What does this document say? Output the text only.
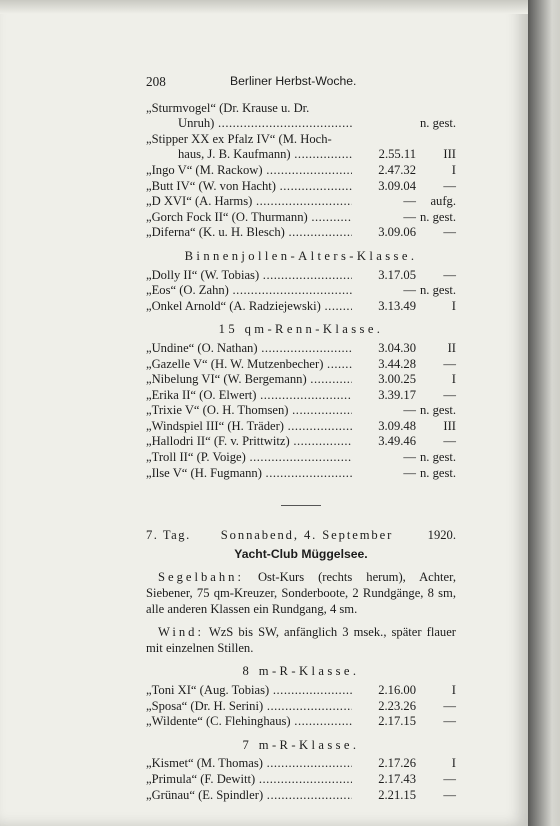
208	Berliner Herbst-Woche.
„Sturmvogel“ (Dr. Krause u. Dr.
Unruh) .....	n. gest.
„Stipper XX ex Pfalz IV“ (M. Hoch-
haus, J. B. Kaufmann) .....	2.55.11	III
„Ingo V“ (M. Rackow) .....	2.47.32	I
„Butt IV“ (W. von Hacht) .....	3.09.04	—
„D XVI“ (A. Harms) .....	—	aufg.
„Gorch Fock II“ (O. Thurmann) .....	— n. gest.
„Diferna“ (K. u. H. Blesch) .....	3.09.06	—
Binnenjollen-Alters-Klasse.
„Dolly II“ (W. Tobias) .....	3.17.05	—
„Eos“ (O. Zahn) .....	— n. gest.
„Onkel Arnold“ (A. Radziejewski) .....	3.13.49	I
15 qm-Renn-Klasse.
„Undine“ (O. Nathan) .....	3.04.30	II
„Gazelle V“ (H. W. Mutzenbecher) .....	3.44.28	—
„Nibelung VI“ (W. Bergemann) .....	3.00.25	I
„Erika II“ (O. Elwert) .....	3.39.17	—
„Trixie V“ (O. H. Thomsen) .....	— n. gest.
„Windspiel III“ (H. Träder) .....	3.09.48	III
„Hallodri II“ (F. v. Prittwitz) .....	3.49.46	—
„Troll II“ (P. Voige) .....	— n. gest.
„Ilse V“ (H. Fugmann) .....	— n. gest.
7. Tag.	Sonnabend, 4. September	1920.
Yacht-Club Müggelsee.
Segelbahn: Ost-Kurs (rechts herum), Achter, Siebener, 75 qm-Kreuzer, Sonderboote, 2 Rundgänge, 8 sm, alle anderen Klassen ein Rundgang, 4 sm.
Wind: WzS bis SW, anfänglich 3 msek., später flauer mit einzelnen Stillen.
8 m-R-Klasse.
„Toni XI“ (Aug. Tobias) .....	2.16.00	I
„Sposa“ (Dr. H. Serini) .....	2.23.26	—
„Wildente“ (C. Flehinghaus) .....	2.17.15	—
7 m-R-Klasse.
„Kismet“ (M. Thomas) .....	2.17.26	I
„Primula“ (F. Dewitt) .....	2.17.43	—
„Grünau“ (E. Spindler) .....	2.21.15	—
